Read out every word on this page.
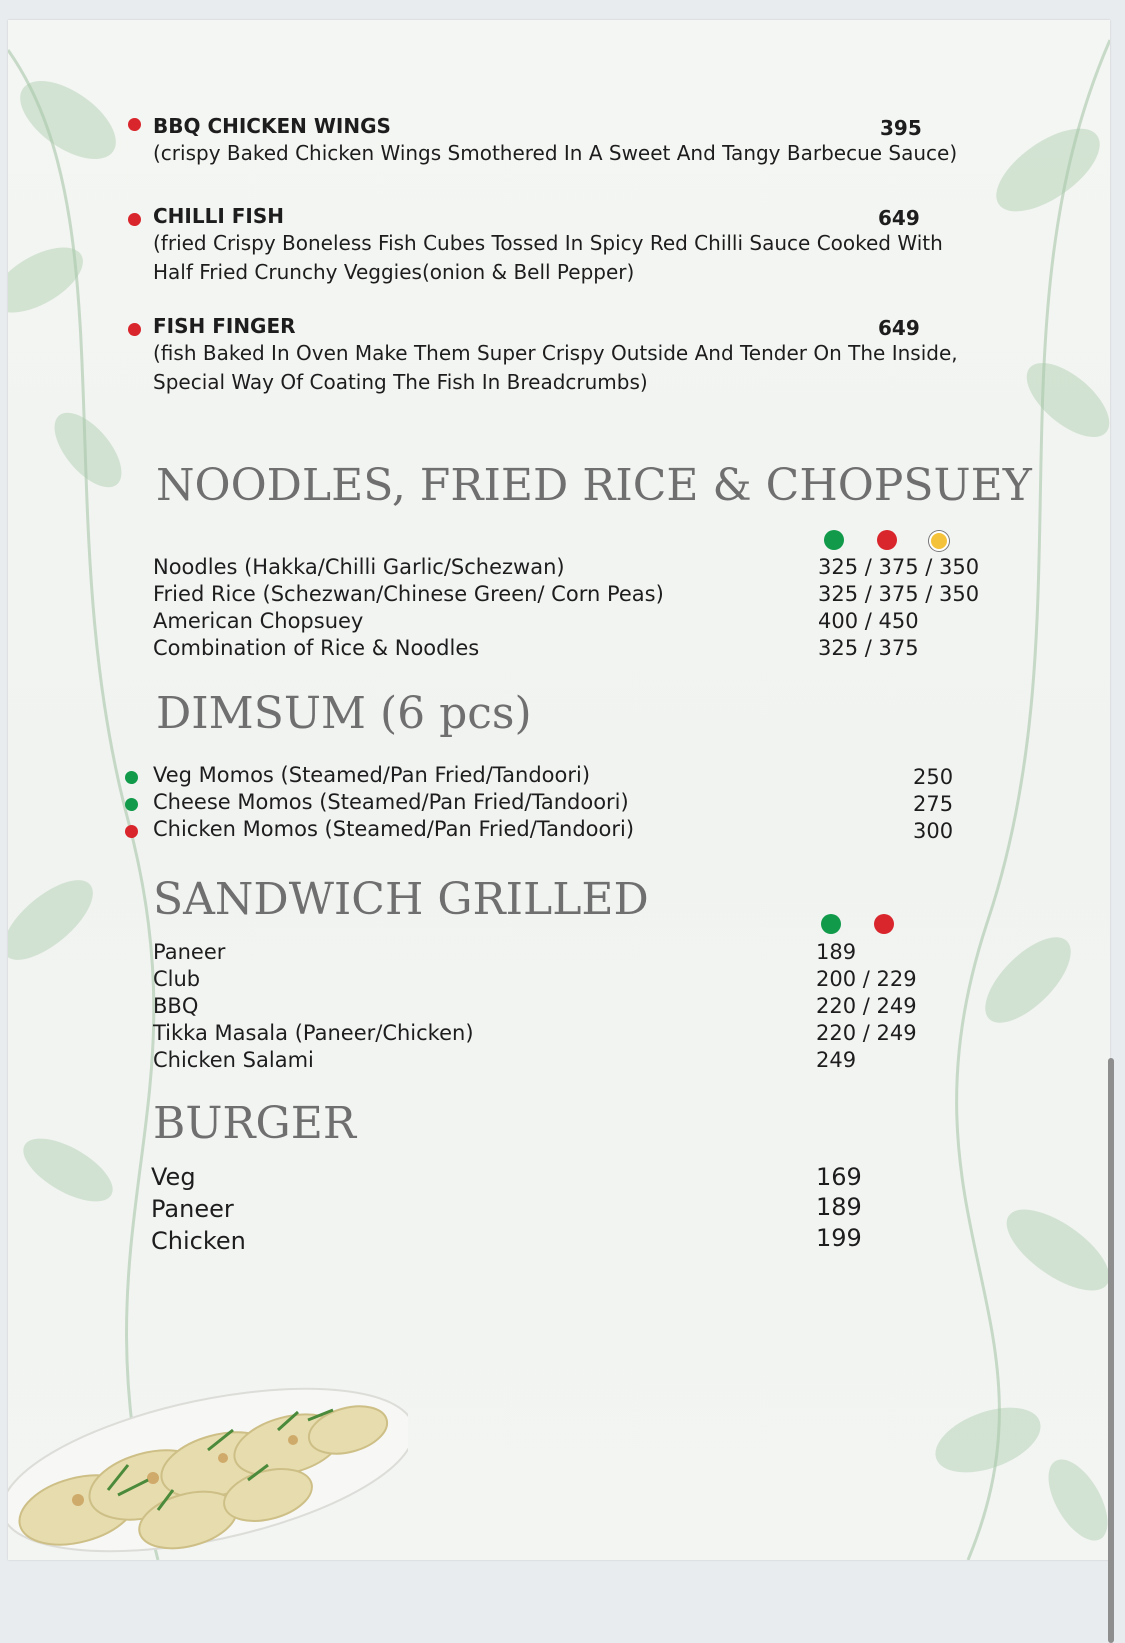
BBQ CHICKEN WINGS	395
(crispy Baked Chicken Wings Smothered In A Sweet And Tangy Barbecue Sauce)
CHILLI FISH	649
(fried Crispy Boneless Fish Cubes Tossed In Spicy Red Chilli Sauce Cooked With
Half Fried Crunchy Veggies(onion & Bell Pepper)
FISH FINGER	649
(fish Baked In Oven Make Them Super Crispy Outside And Tender On The Inside,
Special Way Of Coating The Fish In Breadcrumbs)
NOODLES, FRIED RICE & CHOPSUEY
Noodles (Hakka/Chilli Garlic/Schezwan)	325 / 375 / 350
Fried Rice (Schezwan/Chinese Green/ Corn Peas)	325 / 375 / 350
American Chopsuey	400 / 450
Combination of Rice & Noodles	325 / 375
DIMSUM (6 pcs)
Veg Momos (Steamed/Pan Fried/Tandoori)	250
Cheese Momos (Steamed/Pan Fried/Tandoori)	275
Chicken Momos (Steamed/Pan Fried/Tandoori)	300
SANDWICH GRILLED
Paneer	189
Club	200 / 229
BBQ	220 / 249
Tikka Masala (Paneer/Chicken)	220 / 249
Chicken Salami	249
BURGER
Veg	169
Paneer	189
Chicken	199
